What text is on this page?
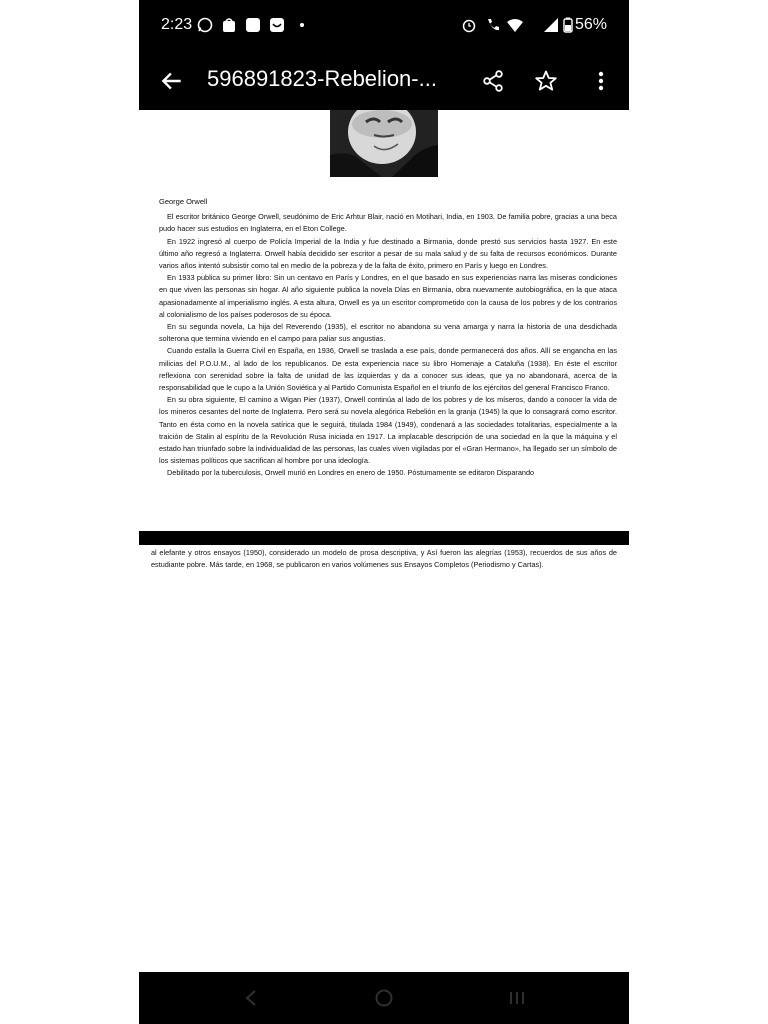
2:23	56%
596891823-Rebelion-...

George Orwell

El escritor británico George Orwell, seudónimo de Eric Arhtur Blair, nació en Motihari, India, en 1903. De familia pobre, gracias a una beca pudo hacer sus estudios en Inglaterra, en el Eton College.

En 1922 ingresó al cuerpo de Policía Imperial de la India y fue destinado a Birmania, donde prestó sus servicios hasta 1927. En este último año regresó a Inglaterra. Orwell había decidido ser escritor a pesar de su mala salud y de su falta de recursos económicos. Durante varios años intentó subsistir como tal en medio de la pobreza y de la falta de éxito, primero en París y luego en Londres.

En 1933 publica su primer libro: Sin un centavo en París y Londres, en el que basado en sus experiencias narra las míseras condiciones en que viven las personas sin hogar. Al año siguiente publica la novela Días en Birmania, obra nuevamente autobiográfica, en la que ataca apasionadamente al imperialismo inglés. A esta altura, Orwell es ya un escritor comprometido con la causa de los pobres y de los contrarios al colonialismo de los países poderosos de su época.

En su segunda novela, La hija del Reverendo (1935), el escritor no abandona su vena amarga y narra la historia de una desdichada solterona que termina viviendo en el campo para paliar sus angustias.

Cuando estalla la Guerra Civil en España, en 1936, Orwell se traslada a ese país, donde permanecerá dos años. Allí se engancha en las milicias del P.O.U.M., al lado de los republicanos. De esta experiencia nace su libro Homenaje a Cataluña (1938). En éste el escritor reflexiona con serenidad sobre la falta de unidad de las izquierdas y da a conocer sus ideas, que ya no abandonará, acerca de la responsabilidad que le cupo a la Unión Soviética y al Partido Comunista Español en el triunfo de los ejércitos del general Francisco Franco.

En su obra siguiente, El camino a Wigan Pier (1937), Orwell continúa al lado de los pobres y de los míseros, dando a conocer la vida de los mineros cesantes del norte de Inglaterra. Pero será su novela alegórica Rebelión en la granja (1945) la que lo consagrará como escritor. Tanto en ésta como en la novela satírica que le seguirá, titulada 1984 (1949), condenará a las sociedades totalitarias, especialmente a la traición de Stalin al espíritu de la Revolución Rusa iniciada en 1917. La implacable descripción de una sociedad en la que la máquina y el estado han triunfado sobre la individualidad de las personas, las cuales viven vigiladas por el «Gran Hermano», ha llegado ser un símbolo de los sistemas políticos que sacrifican al hombre por una ideología.

Debilitado por la tuberculosis, Orwell murió en Londres en enero de 1950. Póstumamente se editaron Disparando

al elefante y otros ensayos (1950), considerado un modelo de prosa descriptiva, y Así fueron las alegrías (1953), recuerdos de sus años de estudiante pobre. Más tarde, en 1968, se publicaron en varios volúmenes sus Ensayos Completos (Periodismo y Cartas).
